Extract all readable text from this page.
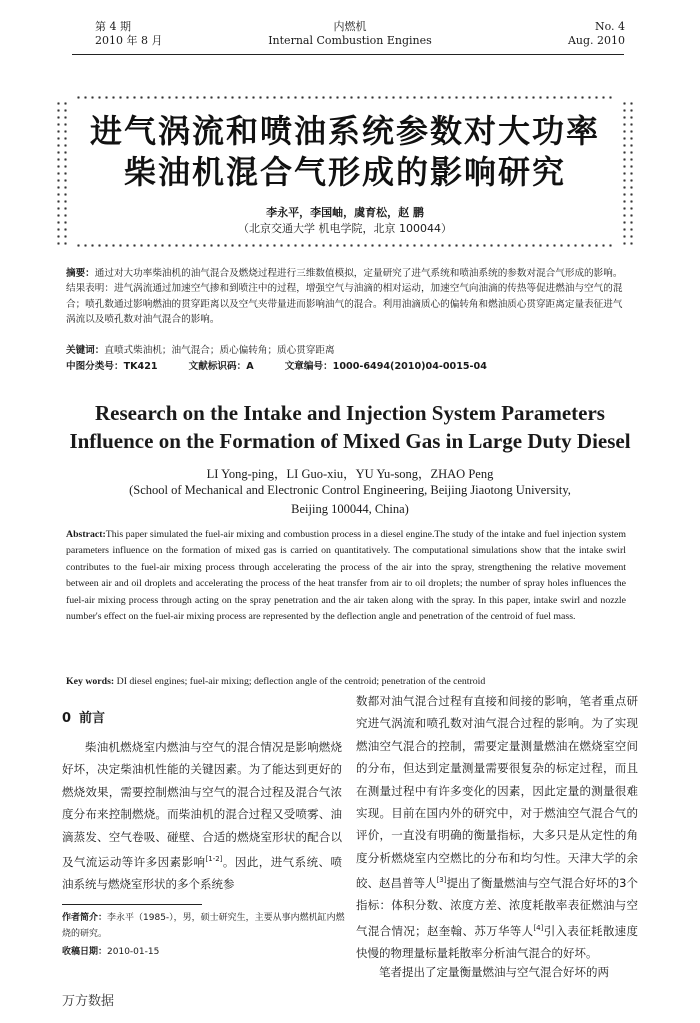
第 4 期
2010 年 8 月
内燃机
Internal Combustion Engines
No. 4
Aug. 2010
进气涡流和喷油系统参数对大功率
柴油机混合气形成的影响研究
李永平，李国岫，虞育松，赵 鹏
（北京交通大学 机电学院，北京 100044）
摘要：通过对大功率柴油机的油气混合及燃烧过程进行三维数值模拟，定量研究了进气系统和喷油系统的参数对混合气形成的影响。结果表明：进气涡流通过加速空气掺和到喷注中的过程，增强空气与油滴的相对运动，加速空气向油滴的传热等促进燃油与空气的混合；喷孔数通过影响燃油的贯穿距离以及空气夹带量进而影响油气的混合。利用油滴质心的偏转角和燃油质心贯穿距离定量表征进气涡流以及喷孔数对油气混合的影响。
关键词：直喷式柴油机；油气混合；质心偏转角；质心贯穿距离
中图分类号：TK421	文献标识码：A	文章编号：1000-6494(2010)04-0015-04
Research on the Intake and Injection System Parameters
Influence on the Formation of Mixed Gas in Large Duty Diesel
LI Yong-ping，LI Guo-xiu，YU Yu-song，ZHAO Peng
(School of Mechanical and Electronic Control Engineering, Beijing Jiaotong University,
Beijing 100044, China)
Abstract:This paper simulated the fuel-air mixing and combustion process in a diesel engine.The study of the intake and fuel injection system parameters influence on the formation of mixed gas is carried on quantitatively. The computational simulations show that the intake swirl contributes to the fuel-air mixing process through accelerating the process of the air into the spray, strengthening the relative movement between air and oil droplets and accelerating the process of the heat transfer from air to oil droplets; the number of spray holes influences the fuel-air mixing process through acting on the spray penetration and the air taken along with the spray. In this paper, intake swirl and nozzle number's effect on the fuel-air mixing process are represented by the deflection angle and penetration of the centroid of fuel mass.
Key words: DI diesel engines; fuel-air mixing; deflection angle of the centroid; penetration of the centroid
0 前言
柴油机燃烧室内燃油与空气的混合情况是影响燃烧好坏，决定柴油机性能的关键因素。为了能达到更好的燃烧效果，需要控制燃油与空气的混合过程及混合气浓度分布来控制燃烧。而柴油机的混合过程又受喷雾、油滴蒸发、空气卷吸、碰壁、合适的燃烧室形状的配合以及气流运动等许多因素影响[1-2]。因此，进气系统、喷油系统与燃烧室形状的多个系统参
数都对油气混合过程有直接和间接的影响，笔者重点研究进气涡流和喷孔数对油气混合过程的影响。为了实现燃油空气混合的控制，需要定量测量燃油在燃烧室空间的分布，但达到定量测量需要很复杂的标定过程，而且在测量过程中有许多变化的因素，因此定量的测量很难实现。目前在国内外的研究中，对于燃油空气混合气的评价，一直没有明确的衡量指标，大多只是从定性的角度分析燃烧室内空燃比的分布和均匀性。天津大学的余皎、赵昌普等人[3]提出了衡量燃油与空气混合好坏的3个指标：体积分数、浓度方差、浓度耗散率表征燃油与空气混合情况；赵奎翰、苏万华等人[4]引入表征耗散速度快慢的物理量标量耗散率分析油气混合的好坏。
笔者提出了定量衡量燃油与空气混合好坏的两
作者简介：李永平（1985-），男，硕士研究生，主要从事内燃机缸内燃烧的研究。
收稿日期：2010-01-15
万方数据
